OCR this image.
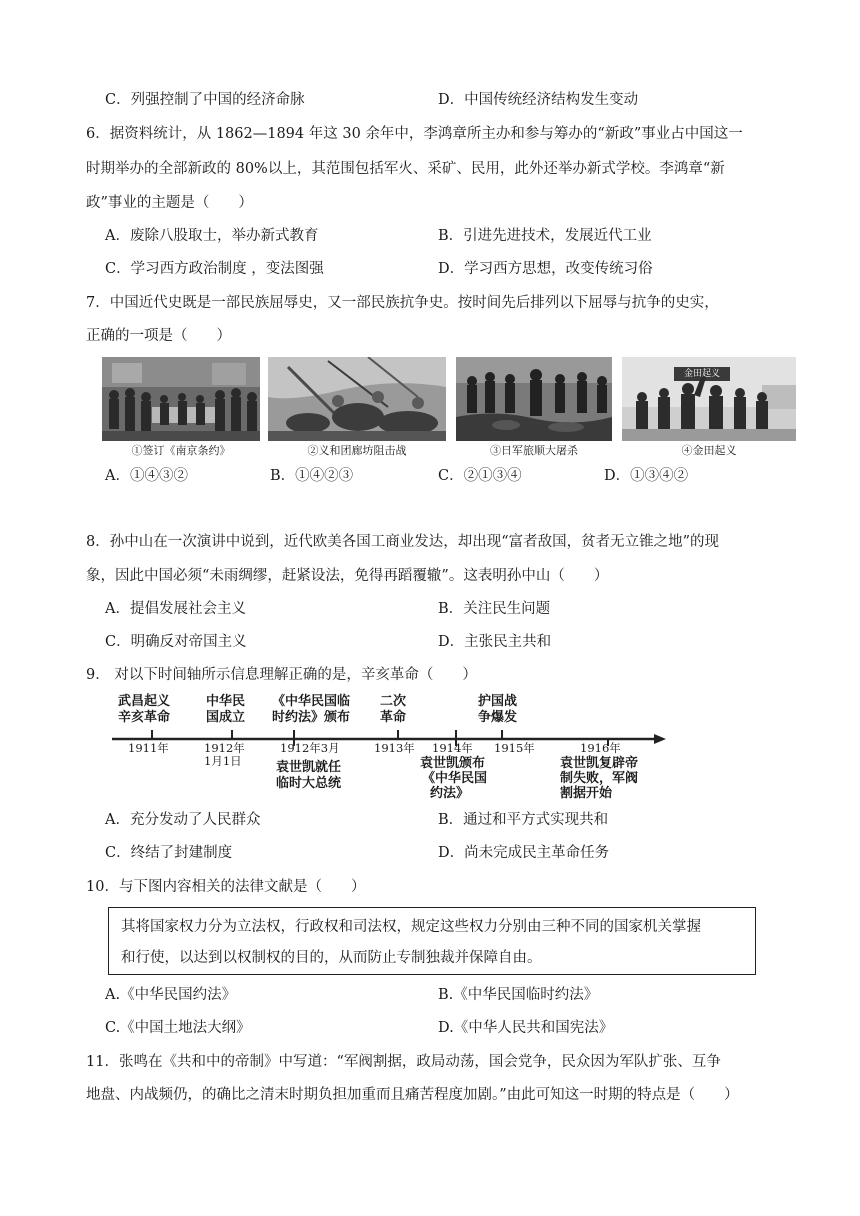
C．列强控制了中国的经济命脉	D．中国传统经济结构发生变动
6．据资料统计，从 1862—1894 年这 30 余年中，李鸿章所主办和参与筹办的“新政”事业占中国这一
时期举办的全部新政的 80%以上，其范围包括军火、采矿、民用，此外还举办新式学校。李鸿章“新
政”事业的主题是（　　）
A．废除八股取士，举办新式教育	B．引进先进技术，发展近代工业
C．学习西方政治制度 ，变法图强	D．学习西方思想，改变传统习俗
7．中国近代史既是一部民族屈辱史，又一部民族抗争史。按时间先后排列以下屈辱与抗争的史实，
正确的一项是（　　）
①签订《南京条约》	②义和团廊坊阻击战	③日军旅顺大屠杀
金田起义
④金田起义
A．①④③②	B．①④②③	C．②①③④	D．①③④②
8．孙中山在一次演讲中说到，近代欧美各国工商业发达，却出现“富者敌国，贫者无立锥之地”的现
象，因此中国必须“未雨绸缪，赶紧设法，免得再蹈覆辙”。这表明孙中山（　　）
A．提倡发展社会主义	B．关注民生问题
C．明确反对帝国主义	D．主张民主共和
9． 对以下时间轴所示信息理解正确的是，辛亥革命（　　）
武昌起义
辛亥革命
中华民
国成立
《中华民国临
时约法》颁布
二次
革命
护国战
争爆发
1911年	1912年
1月1日
1912年3月	1913年 1914年 1915年	1916年
袁世凯就任
临时大总统
袁世凯颁布
《中华民国
约法》
袁世凯复辟帝
制失败，军阀
割据开始
A．充分发动了人民群众	B．通过和平方式实现共和
C．终结了封建制度	D．尚未完成民主革命任务
10．与下图内容相关的法律文献是（　　）
其将国家权力分为立法权，行政权和司法权，规定这些权力分别由三种不同的国家机关掌握
和行使，以达到以权制权的目的，从而防止专制独裁并保障自由。
A.《中华民国约法》	B.《中华民国临时约法》
C.《中国土地法大纲》	D.《中华人民共和国宪法》
11．张鸣在《共和中的帝制》中写道：“军阀割据，政局动荡，国会党争，民众因为军队扩张、互争
地盘、内战频仍，的确比之清末时期负担加重而且痛苦程度加剧。”由此可知这一时期的特点是（　　）
